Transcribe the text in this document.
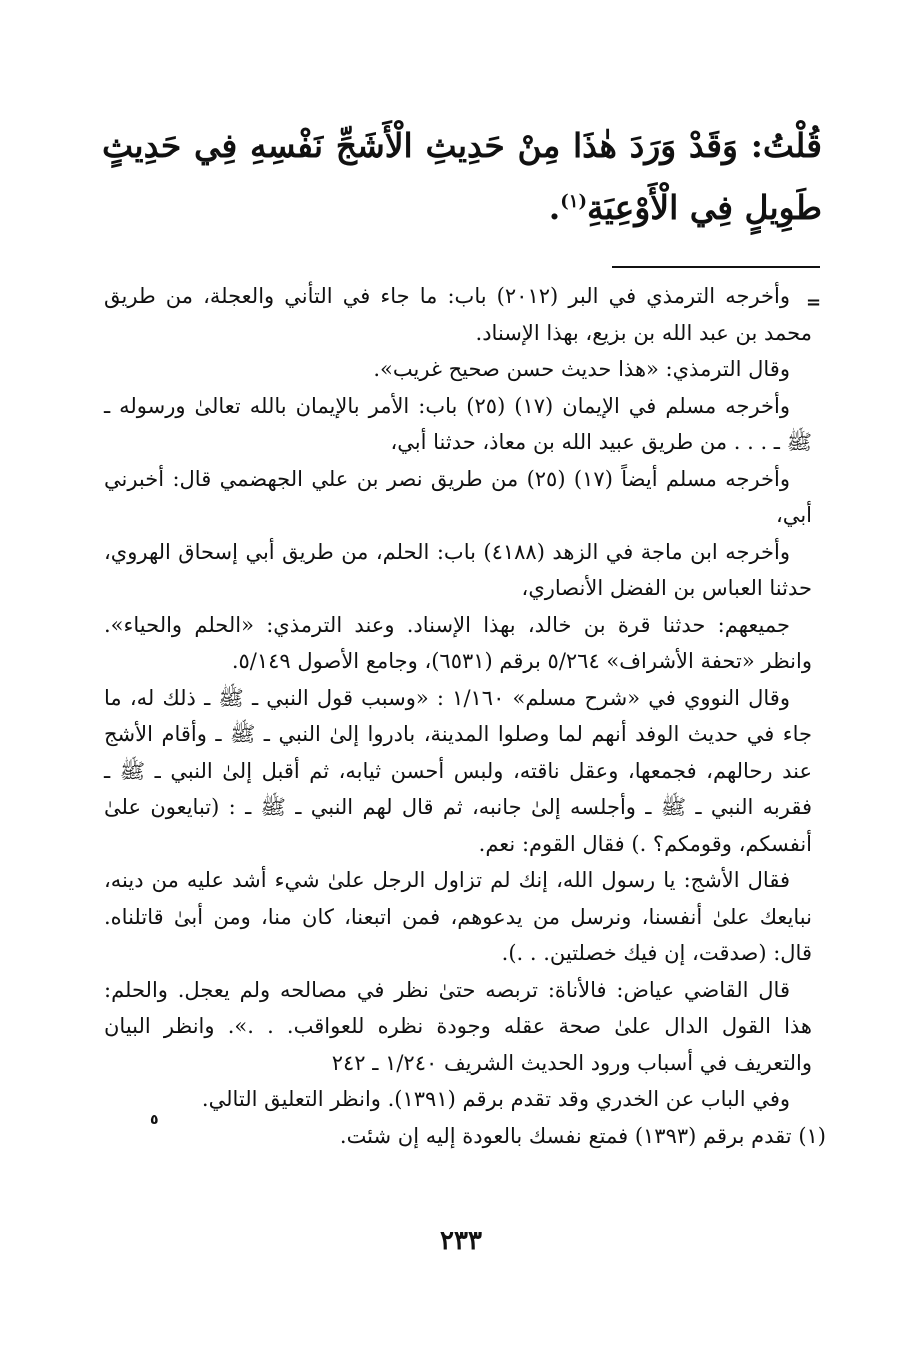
قُلْتُ: وَقَدْ وَرَدَ هٰذَا مِنْ حَدِيثِ الْأَشَجِّ نَفْسِهِ فِي حَدِيثٍ طَوِيلٍ فِي الْأَوْعِيَةِ$^{(١)}$.

=

وأخرجه الترمذي في البر (٢٠١٢) باب: ما جاء في التأني والعجلة، من طريق محمد بن عبد الله بن بزيع، بهذا الإسناد.

وقال الترمذي: «هذا حديث حسن صحيح غريب».

وأخرجه مسلم في الإيمان (١٧) (٢٥) باب: الأمر بالإيمان بالله تعالىٰ ورسوله ـ ﷺ ـ . . . من طريق عبيد الله بن معاذ، حدثنا أبي،

وأخرجه مسلم أيضاً (١٧) (٢٥) من طريق نصر بن علي الجهضمي قال: أخبرني أبي،

وأخرجه ابن ماجة في الزهد (٤١٨٨) باب: الحلم، من طريق أبي إسحاق الهروي، حدثنا العباس بن الفضل الأنصاري،

جميعهم: حدثنا قرة بن خالد، بهذا الإسناد. وعند الترمذي: «الحلم والحياء». وانظر «تحفة الأشراف» ٥/٢٦٤ برقم (٦٥٣١)، وجامع الأصول ٥/١٤٩.

وقال النووي في «شرح مسلم» ١/١٦٠ : «وسبب قول النبي ـ ﷺ ـ ذلك له، ما جاء في حديث الوفد أنهم لما وصلوا المدينة، بادروا إلىٰ النبي ـ ﷺ ـ وأقام الأشج عند رحالهم، فجمعها، وعقل ناقته، ولبس أحسن ثيابه، ثم أقبل إلىٰ النبي ـ ﷺ ـ فقربه النبي ـ ﷺ ـ وأجلسه إلىٰ جانبه، ثم قال لهم النبي ـ ﷺ ـ : (تبايعون علىٰ أنفسكم، وقومكم؟ .) فقال القوم: نعم.

فقال الأشج: يا رسول الله، إنك لم تزاول الرجل علىٰ شيء أشد عليه من دينه، نبايعك علىٰ أنفسنا، ونرسل من يدعوهم، فمن اتبعنا، كان منا، ومن أبىٰ قاتلناه. قال: (صدقت، إن فيك خصلتين. . .).

قال القاضي عياض: فالأناة: تربصه حتىٰ نظر في مصالحه ولم يعجل. والحلم: هذا القول الدال علىٰ صحة عقله وجودة نظره للعواقب. . .». وانظر البيان والتعريف في أسباب ورود الحديث الشريف ١/٢٤٠ ـ ٢٤٢

وفي الباب عن الخدري وقد تقدم برقم (١٣٩١). وانظر التعليق التالي.

(١) تقدم برقم (١٣٩٣) فمتع نفسك بالعودة إليه إن شئت.

٥
٢٣٣
